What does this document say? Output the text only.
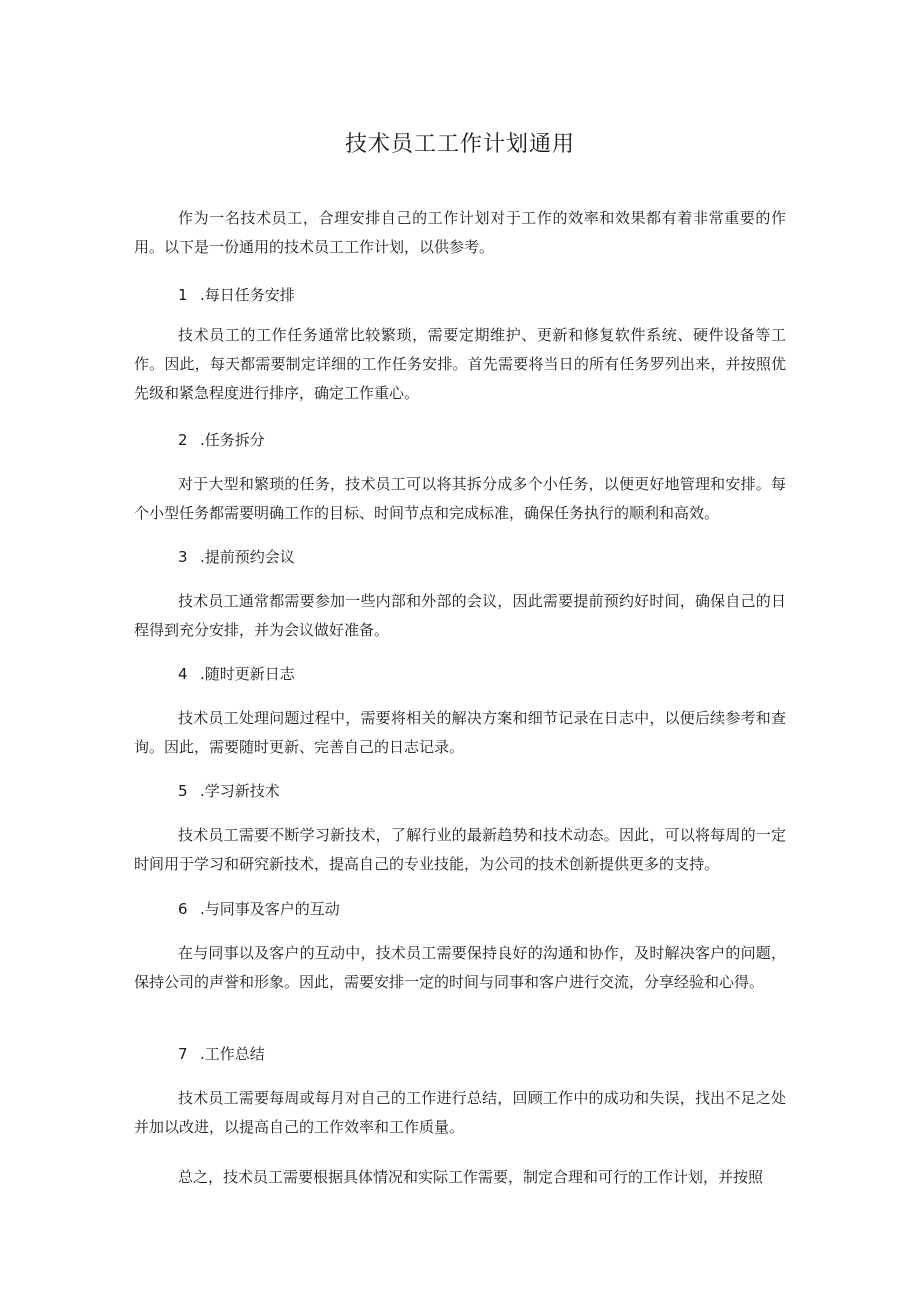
技术员工工作计划通用

作为一名技术员工，合理安排自己的工作计划对于工作的效率和效果都有着非常重要的作用。以下是一份通用的技术员工工作计划，以供参考。

1 .每日任务安排

技术员工的工作任务通常比较繁琐，需要定期维护、更新和修复软件系统、硬件设备等工作。因此，每天都需要制定详细的工作任务安排。首先需要将当日的所有任务罗列出来，并按照优先级和紧急程度进行排序，确定工作重心。

2 .任务拆分

对于大型和繁琐的任务，技术员工可以将其拆分成多个小任务，以便更好地管理和安排。每个小型任务都需要明确工作的目标、时间节点和完成标准，确保任务执行的顺利和高效。

3 .提前预约会议

技术员工通常都需要参加一些内部和外部的会议，因此需要提前预约好时间，确保自己的日程得到充分安排，并为会议做好准备。

4 .随时更新日志

技术员工处理问题过程中，需要将相关的解决方案和细节记录在日志中，以便后续参考和查询。因此，需要随时更新、完善自己的日志记录。

5 .学习新技术

技术员工需要不断学习新技术，了解行业的最新趋势和技术动态。因此，可以将每周的一定时间用于学习和研究新技术，提高自己的专业技能，为公司的技术创新提供更多的支持。

6 .与同事及客户的互动

在与同事以及客户的互动中，技术员工需要保持良好的沟通和协作，及时解决客户的问题，保持公司的声誉和形象。因此，需要安排一定的时间与同事和客户进行交流，分享经验和心得。

7 .工作总结

技术员工需要每周或每月对自己的工作进行总结，回顾工作中的成功和失误，找出不足之处并加以改进，以提高自己的工作效率和工作质量。

总之，技术员工需要根据具体情况和实际工作需要，制定合理和可行的工作计划，并按照
